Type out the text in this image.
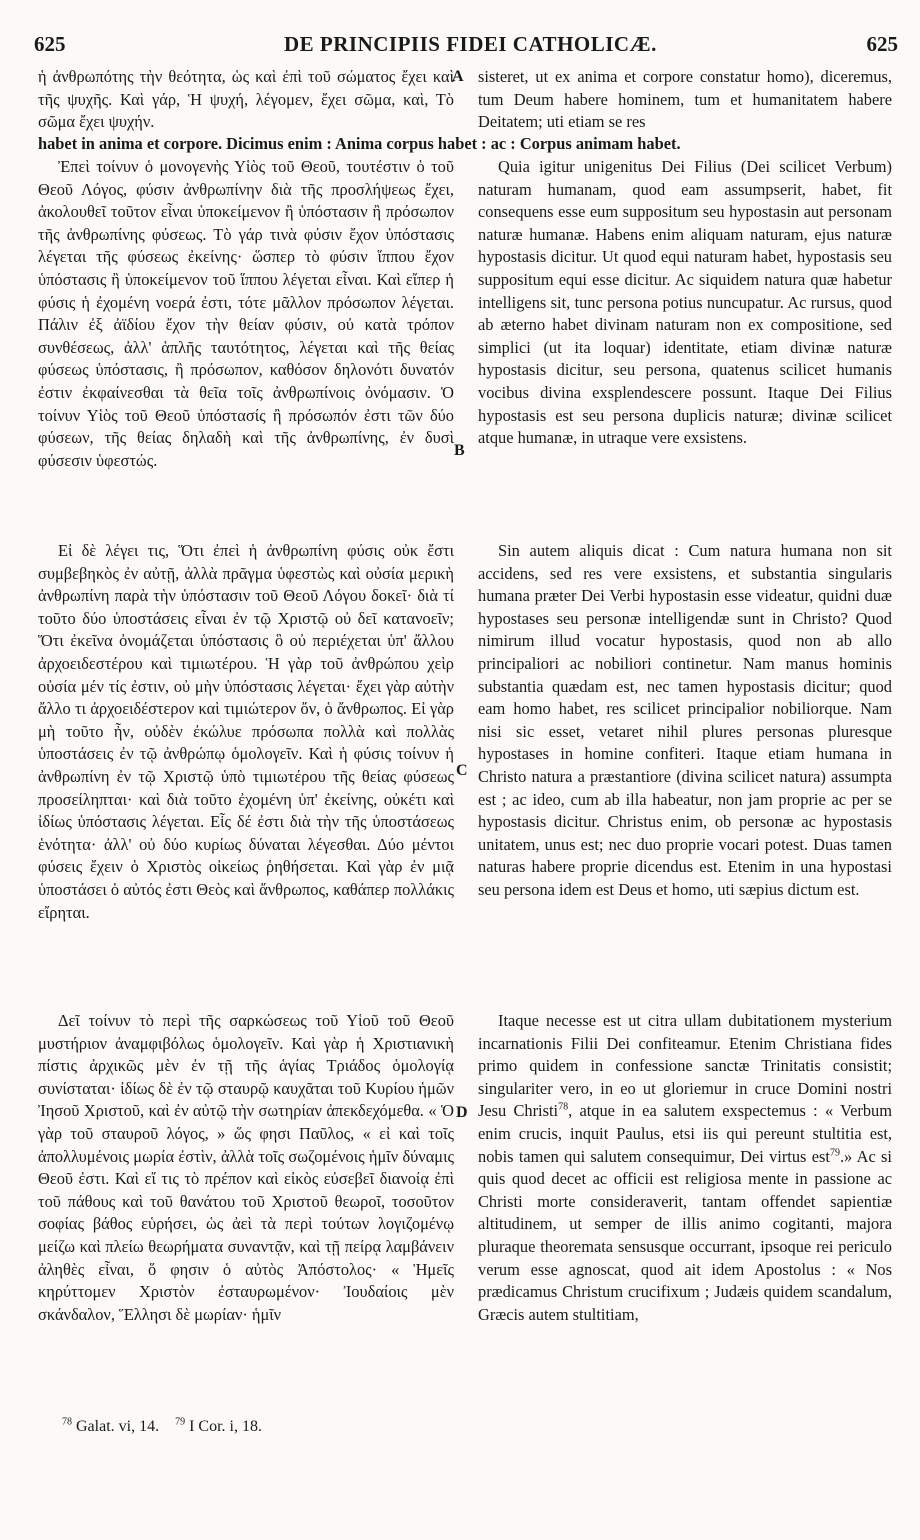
625	DE PRINCIPIIS FIDEI CATHOLICÆ.	625

ἡ ἀνθρωπότης τὴν θεότητα, ὡς καὶ ἐπὶ τοῦ σώματος ἔχει καὶ τῆς ψυχῆς. Καὶ γάρ, Ἡ ψυχή, λέγομεν, ἔχει σῶμα, καὶ, Τὸ σῶμα ἔχει ψυχήν.

sisteret, ut ex anima et corpore constatur homo), diceremus, tum Deum habere hominem, tum et humanitatem habere Deitatem; uti etiam se res

habet in anima et corpore. Dicimus enim : Anima corpus habet : ac : Corpus animam habet.

Ἐπεὶ τοίνυν ὁ μονογενὴς Υἱὸς τοῦ Θεοῦ, τουτέστιν ὁ τοῦ Θεοῦ Λόγος, φύσιν ἀνθρωπίνην διὰ τῆς προσλήψεως ἔχει, ἀκολουθεῖ τοῦτον εἶναι ὑποκείμενον ἢ ὑπόστασιν ἢ πρόσωπον τῆς ἀνθρωπίνης φύσεως. Τὸ γάρ τινὰ φύσιν ἔχον ὑπόστασις λέγεται τῆς φύσεως ἐκείνης· ὥσπερ τὸ φύσιν ἵππου ἔχον ὑπόστασις ἢ ὑποκείμενον τοῦ ἵππου λέγεται εἶναι. Καὶ εἴπερ ἡ φύσις ἡ ἐχομένη νοερά ἐστι, τότε μᾶλλον πρόσωπον λέγεται. Πάλιν ἐξ ἀϊδίου ἔχον τὴν θείαν φύσιν, οὐ κατὰ τρόπον συνθέσεως, ἀλλ' ἁπλῆς ταυτότητος, λέγεται καὶ τῆς θείας φύσεως ὑπόστασις, ἢ πρόσωπον, καθόσον δηλονότι δυνατόν ἐστιν ἐκφαίνεσθαι τὰ θεῖα τοῖς ἀνθρωπίνοις ὀνόμασιν. Ὁ τοίνυν Υἱὸς τοῦ Θεοῦ ὑπόστασίς ἢ πρόσωπόν ἐστι τῶν δύο φύσεων, τῆς θείας δηλαδὴ καὶ τῆς ἀνθρωπίνης, ἐν δυσὶ φύσεσιν ὑφεστώς.

Quia igitur unigenitus Dei Filius (Dei scilicet Verbum) naturam humanam, quod eam assumpserit, habet, fit consequens esse eum suppositum seu hypostasin aut personam naturæ humanæ. Habens enim aliquam naturam, ejus naturæ hypostasis dicitur. Ut quod equi naturam habet, hypostasis seu suppositum equi esse dicitur. Ac siquidem natura quæ habetur intelligens sit, tunc persona potius nuncupatur. Ac rursus, quod ab æterno habet divinam naturam non ex compositione, sed simplici (ut ita loquar) identitate, etiam divinæ naturæ hypostasis dicitur, seu persona, quatenus scilicet humanis vocibus divina exsplendescere possunt. Itaque Dei Filius hypostasis est seu persona duplicis naturæ; divinæ scilicet atque humanæ, in utraque vere exsistens.

Εἰ δὲ λέγει τις, Ὅτι ἐπεὶ ἡ ἀνθρωπίνη φύσις οὐκ ἔστι συμβεβηκὸς ἐν αὐτῇ, ἀλλὰ πρᾶγμα ὑφεστὼς καὶ οὐσία μερικὴ ἀνθρωπίνη παρὰ τὴν ὑπόστασιν τοῦ Θεοῦ Λόγου δοκεῖ· διὰ τί τοῦτο δύο ὑποστάσεις εἶναι ἐν τῷ Χριστῷ οὐ δεῖ κατανοεῖν; Ὅτι ἐκεῖνα ὀνομάζεται ὑπόστασις ὃ οὐ περιέχεται ὑπ' ἄλλου ἀρχοειδεστέρου καὶ τιμιωτέρου. Ἡ γὰρ τοῦ ἀνθρώπου χεὶρ οὐσία μέν τίς ἐστιν, οὐ μὴν ὑπόστασις λέγεται· ἔχει γὰρ αὐτὴν ἄλλο τι ἀρχοειδέστερον καὶ τιμιώτερον ὄν, ὁ ἄνθρωπος. Εἰ γὰρ μὴ τοῦτο ἦν, οὐδὲν ἐκώλυε πρόσωπα πολλὰ καὶ πολλὰς ὑποστάσεις ἐν τῷ ἀνθρώπῳ ὁμολογεῖν. Καὶ ἡ φύσις τοίνυν ἡ ἀνθρωπίνη ἐν τῷ Χριστῷ ὑπὸ τιμιωτέρου τῆς θείας φύσεως προσείληπται· καὶ διὰ τοῦτο ἐχομένη ὑπ' ἐκείνης, οὐκέτι καὶ ἰδίως ὑπόστασις λέγεται. Εἷς δέ ἐστι διὰ τὴν τῆς ὑποστάσεως ἑνότητα· ἀλλ' οὐ δύο κυρίως δύναται λέγεσθαι. Δύο μέντοι φύσεις ἔχειν ὁ Χριστὸς οἰκείως ῥηθήσεται. Καὶ γὰρ ἐν μιᾷ ὑποστάσει ὁ αὐτός ἐστι Θεὸς καὶ ἄνθρωπος, καθάπερ πολλάκις εἴρηται.

Sin autem aliquis dicat : Cum natura humana non sit accidens, sed res vere exsistens, et substantia singularis humana præter Dei Verbi hypostasin esse videatur, quidni duæ hypostases seu personæ intelligendæ sunt in Christo? Quod nimirum illud vocatur hypostasis, quod non ab allo principaliori ac nobiliori continetur. Nam manus hominis substantia quædam est, nec tamen hypostasis dicitur; quod eam homo habet, res scilicet principalior nobiliorque. Nam nisi sic esset, vetaret nihil plures personas pluresque hypostases in homine confiteri. Itaque etiam humana in Christo natura a præstantiore (divina scilicet natura) assumpta est ; ac ideo, cum ab illa habeatur, non jam proprie ac per se hypostasis dicitur. Christus enim, ob personæ ac hypostasis unitatem, unus est; nec duo proprie vocari potest. Duas tamen naturas habere proprie dicendus est. Etenim in una hypostasi seu persona idem est Deus et homo, uti sæpius dictum est.

Δεῖ τοίνυν τὸ περὶ τῆς σαρκώσεως τοῦ Υἱοῦ τοῦ Θεοῦ μυστήριον ἀναμφιβόλως ὁμολογεῖν. Καὶ γὰρ ἡ Χριστιανικὴ πίστις ἀρχικῶς μὲν ἐν τῇ τῆς ἁγίας Τριάδος ὁμολογίᾳ συνίσταται· ἰδίως δὲ ἐν τῷ σταυρῷ καυχᾶται τοῦ Κυρίου ἡμῶν Ἰησοῦ Χριστοῦ, καὶ ἐν αὐτῷ τὴν σωτηρίαν ἀπεκδεχόμεθα. « Ὁ γὰρ τοῦ σταυροῦ λόγος, » ὥς φησι Παῦλος, « εἰ καὶ τοῖς ἀπολλυμένοις μωρία ἐστὶν, ἀλλὰ τοῖς σωζομένοις ἡμῖν δύναμις Θεοῦ ἐστι. Καὶ εἴ τις τὸ πρέπον καὶ εἰκὸς εὐσεβεῖ διανοίᾳ ἐπὶ τοῦ πάθους καὶ τοῦ θανάτου τοῦ Χριστοῦ θεωροῖ, τοσοῦτον σοφίας βάθος εὑρήσει, ὡς ἀεὶ τὰ περὶ τούτων λογιζομένῳ μείζω καὶ πλείω θεωρήματα συναντᾷν, καὶ τῇ πείρᾳ λαμβάνειν ἀληθὲς εἶναι, ὅ φησιν ὁ αὐτὸς Ἀπόστολος· « Ἡμεῖς κηρύττομεν Χριστὸν ἐσταυρωμένον· Ἰουδαίοις μὲν σκάνδαλον, Ἕλλησι δὲ μωρίαν· ἡμῖν

Itaque necesse est ut citra ullam dubitationem mysterium incarnationis Filii Dei confiteamur. Etenim Christiana fides primo quidem in confessione sanctæ Trinitatis consistit; singulariter vero, in eo ut gloriemur in cruce Domini nostri Jesu Christi$^{78}$, atque in ea salutem exspectemus : « Verbum enim crucis, inquit Paulus, etsi iis qui pereunt stultitia est, nobis tamen qui salutem consequimur, Dei virtus est$^{79}$.» Ac si quis quod decet ac officii est religiosa mente in passione ac Christi morte consideraverit, tantam offendet sapientiæ altitudinem, ut semper de illis animo cogitanti, majora pluraque theoremata sensusque occurrant, ipsoque rei periculo verum esse agnoscat, quod ait idem Apostolus : « Nos prædicamus Christum crucifixum ; Judæis quidem scandalum, Græcis autem stultitiam,

A
B
C
D
$^{78}$ Galat. vi, 14. $^{79}$ I Cor. i, 18.
